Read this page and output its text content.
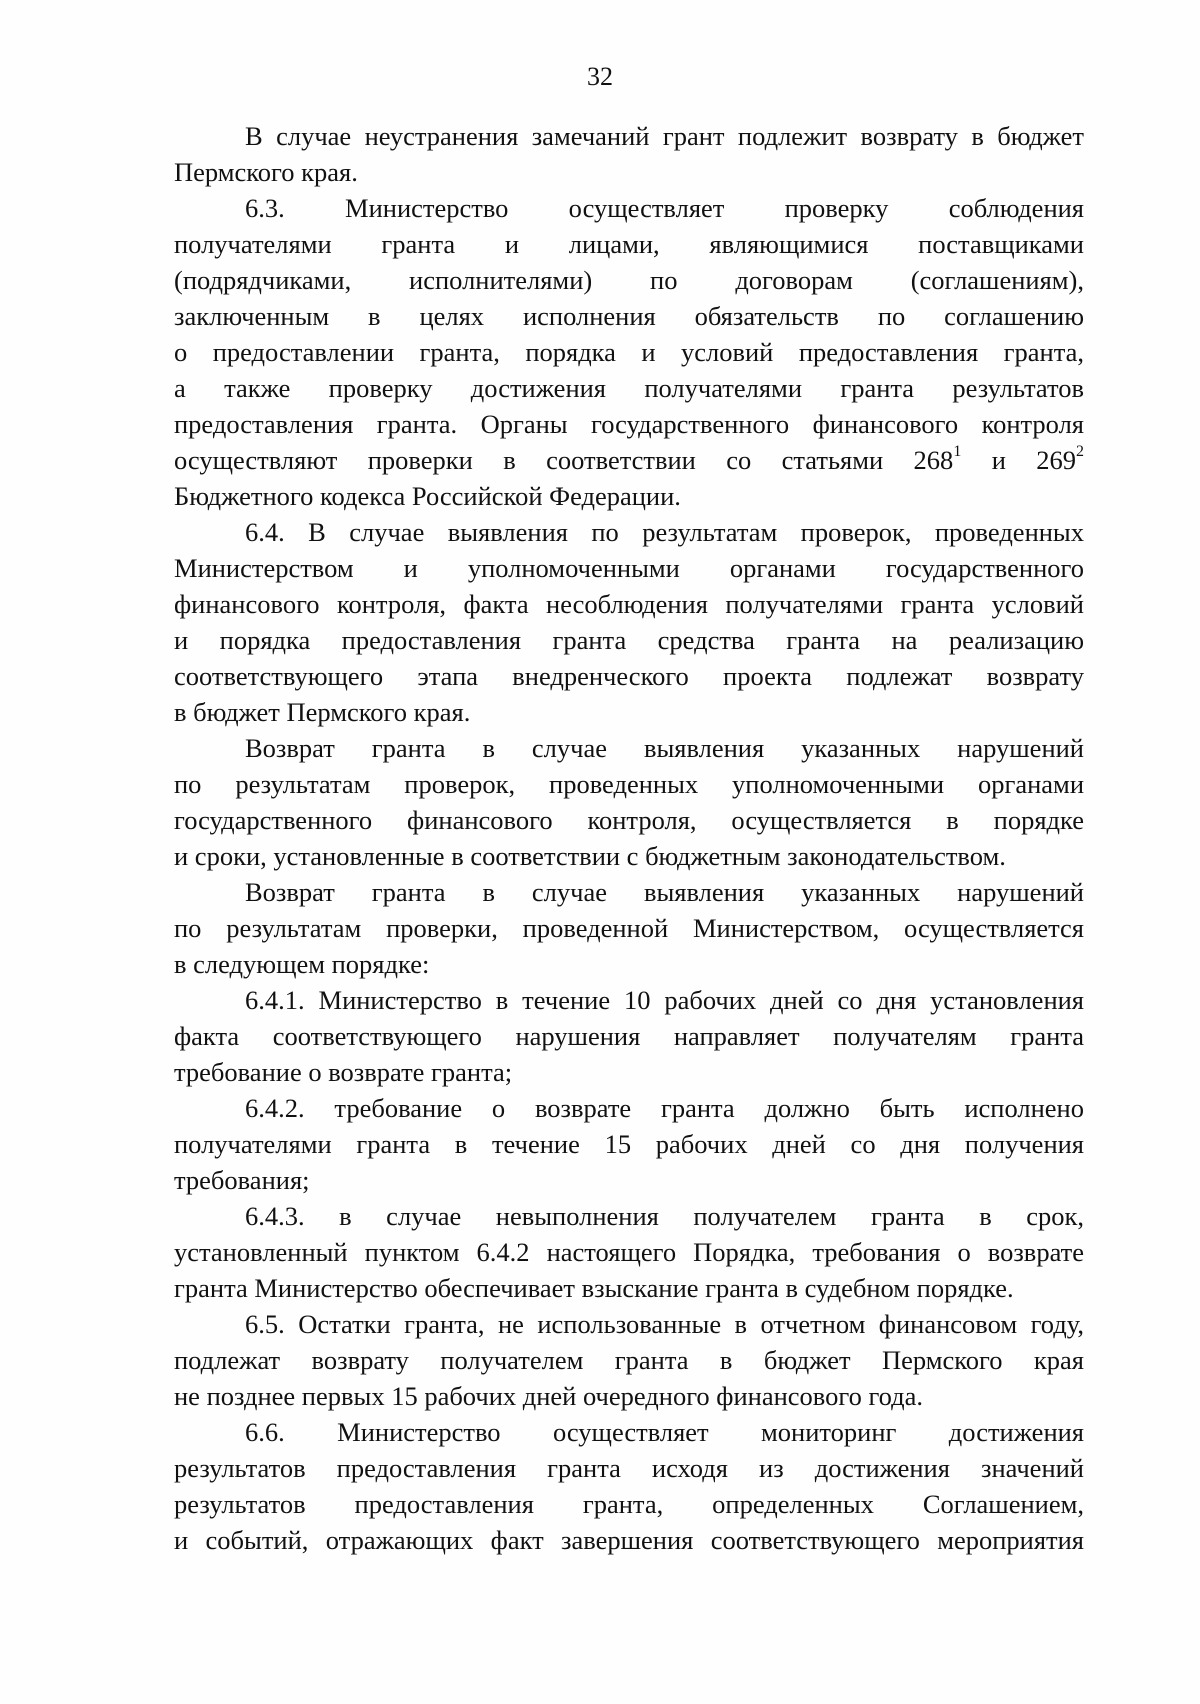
32

В случае неустранения замечаний грант подлежит возврату в бюджет
Пермского края.

6.3. Министерство осуществляет проверку соблюдения
получателями гранта и лицами, являющимися поставщиками
(подрядчиками, исполнителями) по договорам (соглашениям),
заключенным в целях исполнения обязательств по соглашению
о предоставлении гранта, порядка и условий предоставления гранта,
а также проверку достижения получателями гранта результатов
предоставления гранта. Органы государственного финансового контроля
осуществляют проверки в соответствии со статьями $268^1$ и $269^2$
Бюджетного кодекса Российской Федерации.

6.4. В случае выявления по результатам проверок, проведенных
Министерством и уполномоченными органами государственного
финансового контроля, факта несоблюдения получателями гранта условий
и порядка предоставления гранта средства гранта на реализацию
соответствующего этапа внедренческого проекта подлежат возврату
в бюджет Пермского края.

Возврат гранта в случае выявления указанных нарушений
по результатам проверок, проведенных уполномоченными органами
государственного финансового контроля, осуществляется в порядке
и сроки, установленные в соответствии с бюджетным законодательством.

Возврат гранта в случае выявления указанных нарушений
по результатам проверки, проведенной Министерством, осуществляется
в следующем порядке:

6.4.1. Министерство в течение 10 рабочих дней со дня установления
факта соответствующего нарушения направляет получателям гранта
требование о возврате гранта;

6.4.2. требование о возврате гранта должно быть исполнено
получателями гранта в течение 15 рабочих дней со дня получения
требования;

6.4.3. в случае невыполнения получателем гранта в срок,
установленный пунктом 6.4.2 настоящего Порядка, требования о возврате
гранта Министерство обеспечивает взыскание гранта в судебном порядке.

6.5. Остатки гранта, не использованные в отчетном финансовом году,
подлежат возврату получателем гранта в бюджет Пермского края
не позднее первых 15 рабочих дней очередного финансового года.

6.6. Министерство осуществляет мониторинг достижения
результатов предоставления гранта исходя из достижения значений
результатов предоставления гранта, определенных Соглашением,
и событий, отражающих факт завершения соответствующего мероприятия
